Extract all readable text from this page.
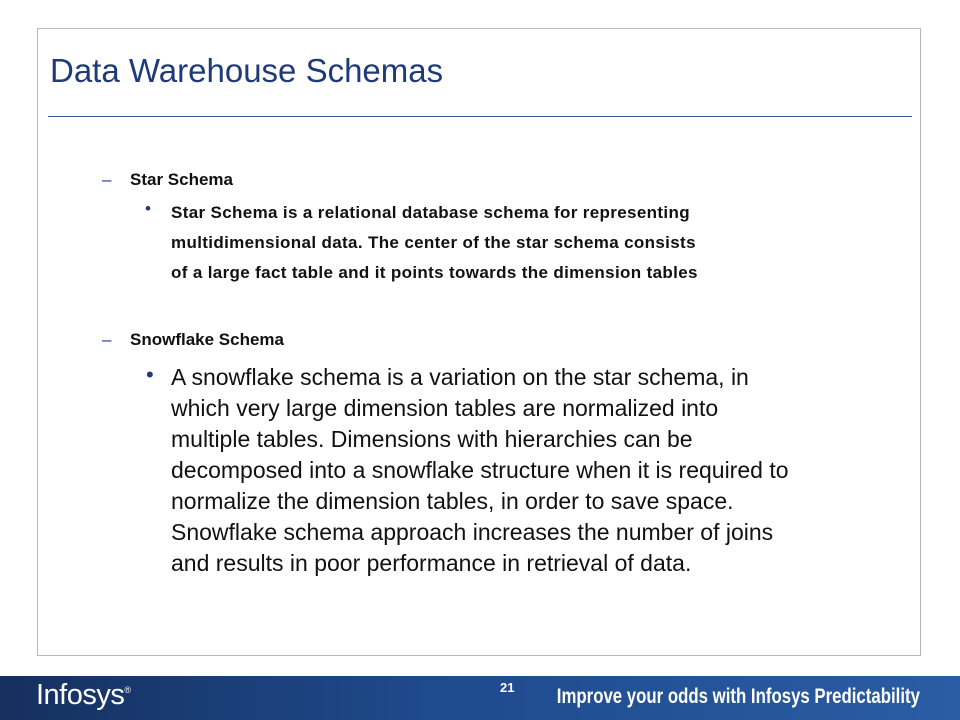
Data Warehouse Schemas
– Star Schema
• Star Schema is a relational database schema for representing
multidimensional data. The center of the star schema consists
of a large fact table and it points towards the dimension tables
– Snowflake Schema
• A snowflake schema is a variation on the star schema, in
which very large dimension tables are normalized into
multiple tables. Dimensions with hierarchies can be
decomposed into a snowflake structure when it is required to
normalize the dimension tables, in order to save space.
Snowflake schema approach increases the number of joins
and results in poor performance in retrieval of data.
Infosys®	Improve your odds with Infosys Predictability
21
